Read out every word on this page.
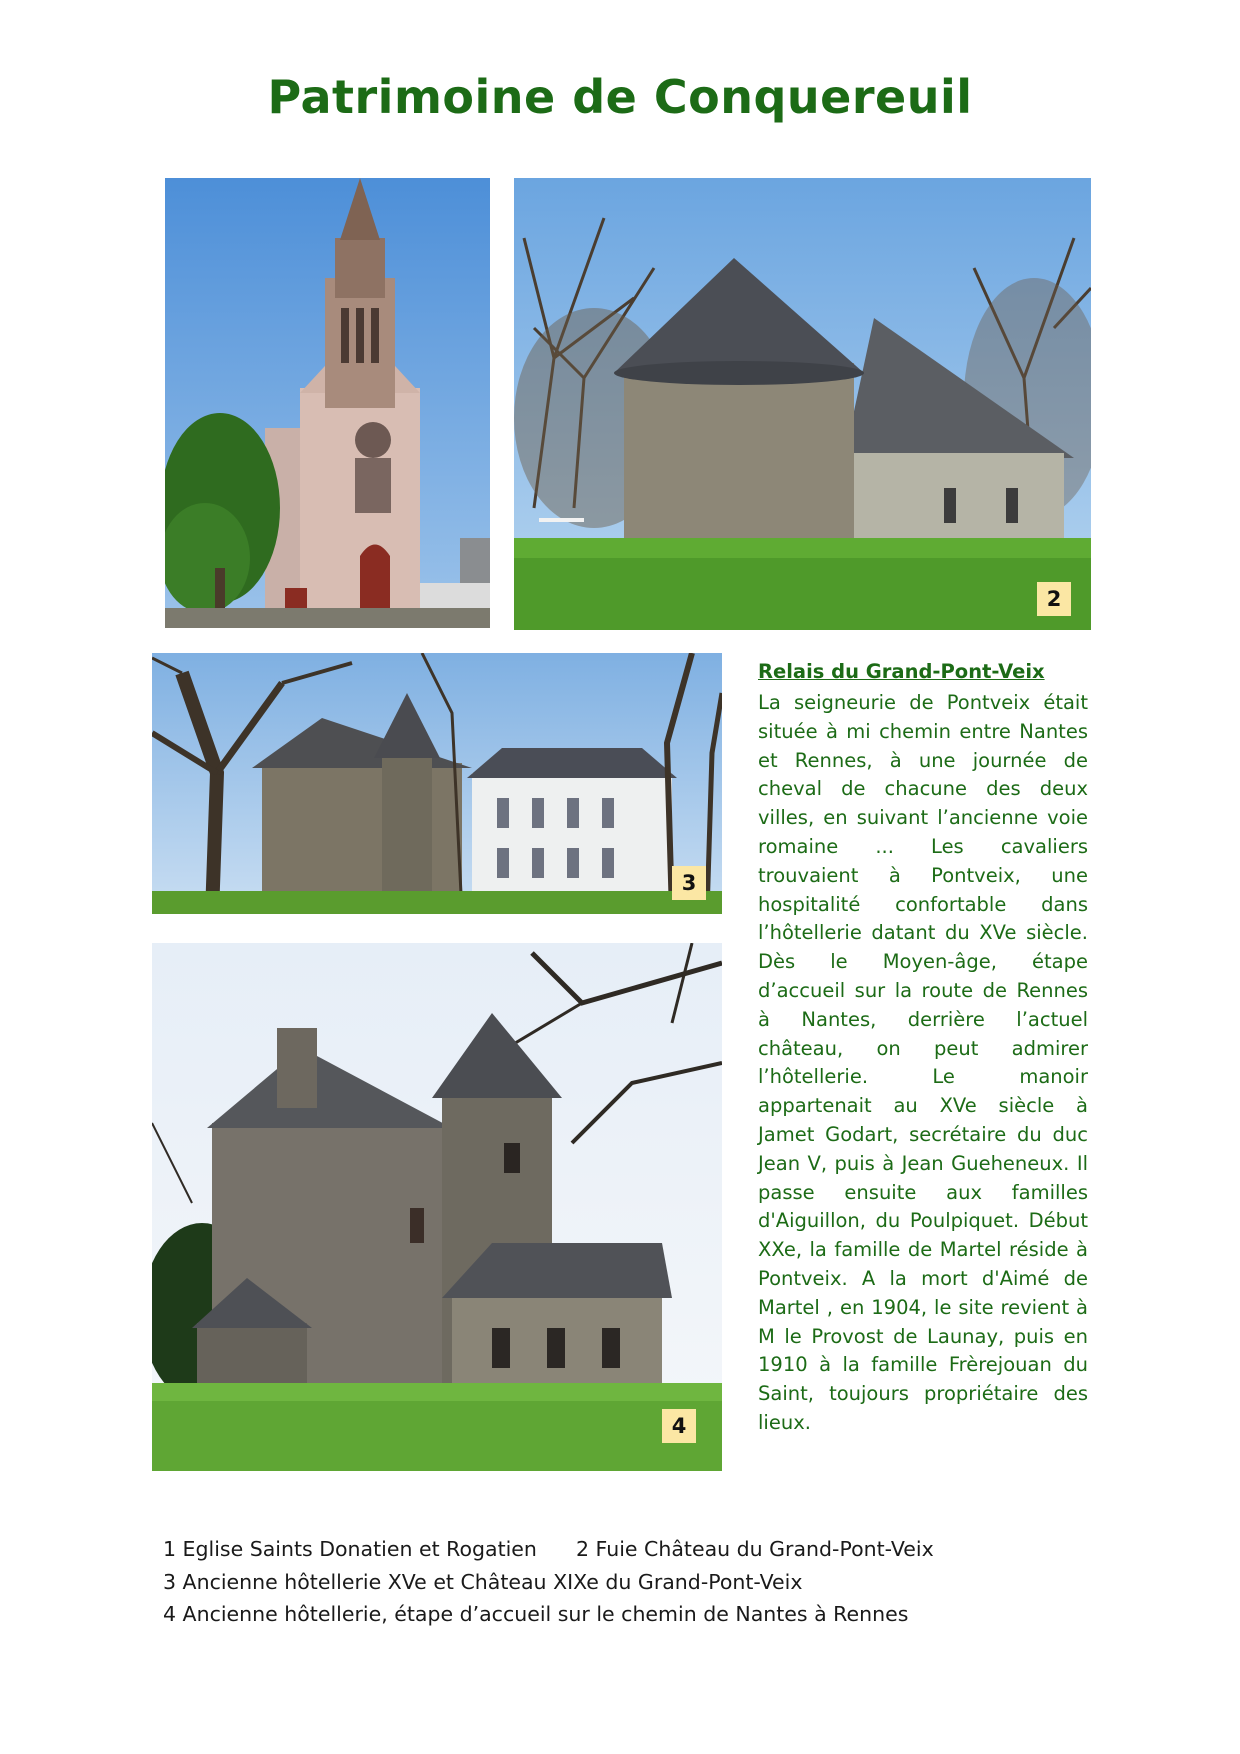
Patrimoine de Conquereuil
2
3
4
Relais du Grand-Pont-Veix

La seigneurie de Pontveix était située à mi chemin entre Nantes et Rennes, à une journée de cheval de chacune des deux villes, en suivant l’ancienne voie romaine ... Les cavaliers trouvaient à Pontveix, une hospitalité confortable dans l’hôtellerie datant du XVe siècle. Dès le Moyen-âge, étape d’accueil sur la route de Rennes à Nantes, derrière l’actuel château, on peut admirer l’hôtellerie. Le manoir appartenait au XVe siècle à Jamet Godart, secrétaire du duc Jean V, puis à Jean Gueheneux. Il passe ensuite aux familles d'Aiguillon, du Poulpiquet. Début XXe, la famille de Martel réside à Pontveix. A la mort d'Aimé de Martel , en 1904, le site revient à M le Provost de Launay, puis en 1910 à la famille Frèrejouan du Saint, toujours propriétaire des lieux.

1 Eglise Saints Donatien et Rogatien      2 Fuie Château du Grand-Pont-Veix
3 Ancienne hôtellerie XVe et Château XIXe du Grand-Pont-Veix
4 Ancienne hôtellerie, étape d’accueil sur le chemin de Nantes à Rennes
